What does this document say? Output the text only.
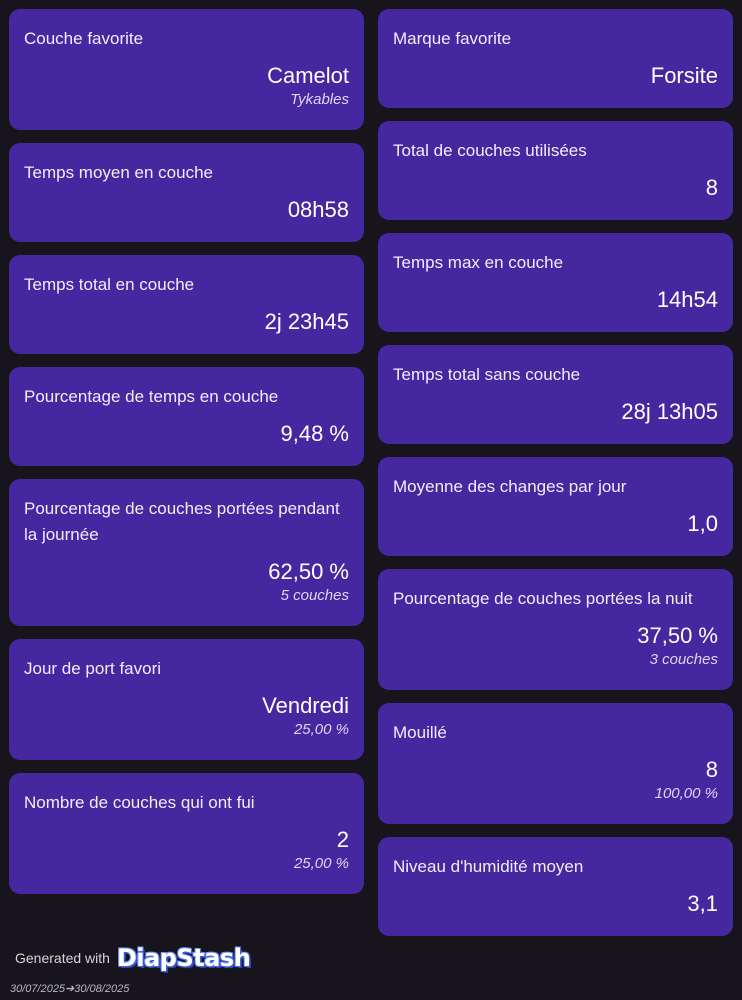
Couche favorite
Camelot
Tykables
Temps moyen en couche
08h58
Temps total en couche
2j 23h45
Pourcentage de temps en couche
9,48 %
Pourcentage de couches portées pendant la journée
62,50 %
5 couches
Jour de port favori
Vendredi
25,00 %
Nombre de couches qui ont fui
2
25,00 %
Marque favorite
Forsite
Total de couches utilisées
8
Temps max en couche
14h54
Temps total sans couche
28j 13h05
Moyenne des changes par jour
1,0
Pourcentage de couches portées la nuit
37,50 %
3 couches
Mouillé
8
100,00 %
Niveau d'humidité moyen
3,1
Generated with DiapStash
30/07/2025➔30/08/2025
